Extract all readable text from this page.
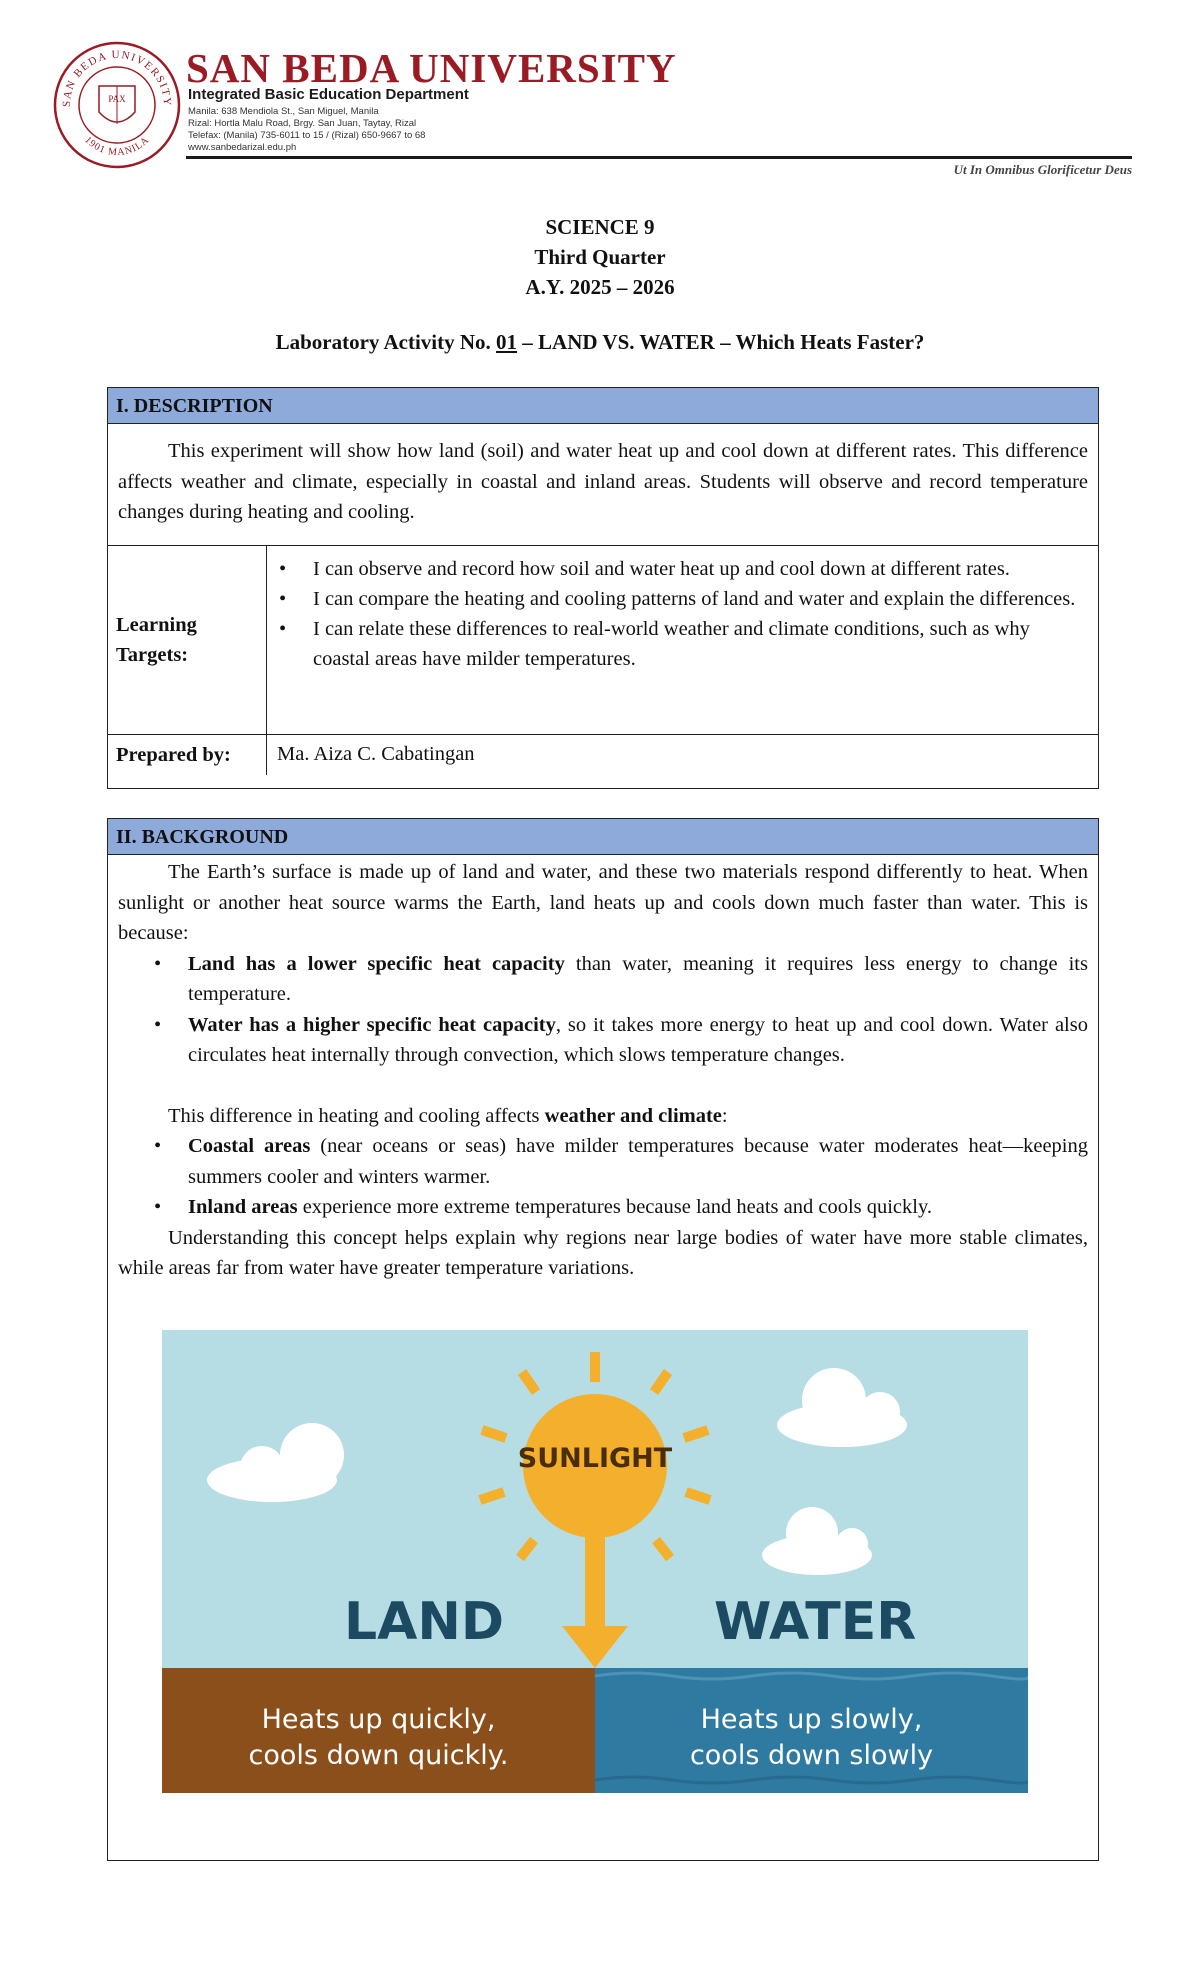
SAN BEDA UNIVERSITY
1901 MANILA
PAX
SAN BEDA UNIVERSITY
Integrated Basic Education Department
Manila: 638 Mendiola St., San Miguel, Manila
Rizal: Hortla Malu Road, Brgy. San Juan, Taytay, Rizal
Telefax: (Manila) 735-6011 to 15 / (Rizal) 650-9667 to 68
www.sanbedarizal.edu.ph
Ut In Omnibus Glorificetur Deus
SCIENCE 9
Third Quarter
A.Y. 2025 – 2026
Laboratory Activity No. 01 – LAND VS. WATER – Which Heats Faster?
I. DESCRIPTION
This experiment will show how land (soil) and water heat up and cool down at different rates. This difference affects weather and climate, especially in coastal and inland areas. Students will observe and record temperature changes during heating and cooling.
Learning Targets:
• I can observe and record how soil and water heat up and cool down at different rates.
• I can compare the heating and cooling patterns of land and water and explain the differences.
• I can relate these differences to real-world weather and climate conditions, such as why coastal areas have milder temperatures.
Prepared by:	Ma. Aiza C. Cabatingan
II. BACKGROUND
The Earth’s surface is made up of land and water, and these two materials respond differently to heat. When sunlight or another heat source warms the Earth, land heats up and cools down much faster than water. This is because:
• Land has a lower specific heat capacity than water, meaning it requires less energy to change its temperature.
• Water has a higher specific heat capacity, so it takes more energy to heat up and cool down. Water also circulates heat internally through convection, which slows temperature changes.
This difference in heating and cooling affects weather and climate:
• Coastal areas (near oceans or seas) have milder temperatures because water moderates heat—keeping summers cooler and winters warmer.
• Inland areas experience more extreme temperatures because land heats and cools quickly.
Understanding this concept helps explain why regions near large bodies of water have more stable climates, while areas far from water have greater temperature variations.
SUNLIGHT
LAND	WATER
Heats up quickly,
cools down quickly.
Heats up slowly,
cools down slowly
